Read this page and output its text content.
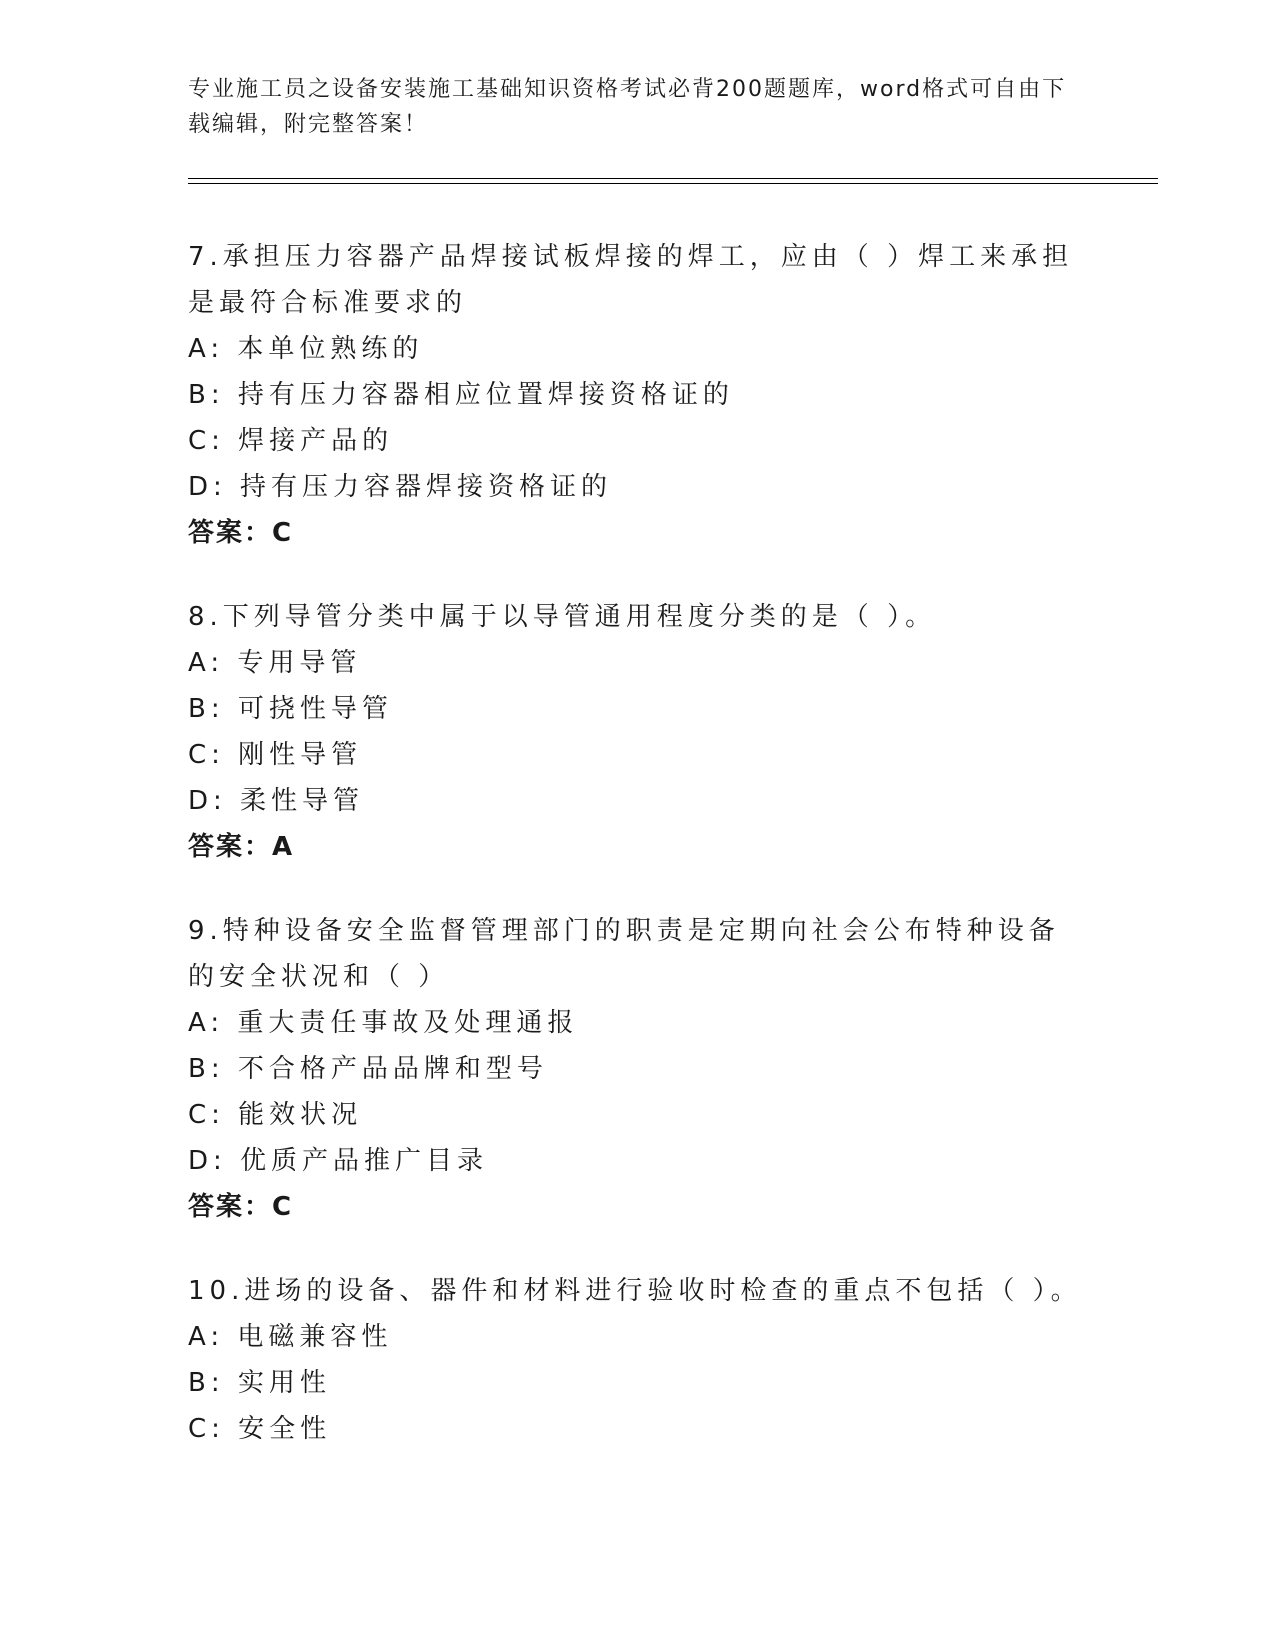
专业施工员之设备安装施工基础知识资格考试必背200题题库，word格式可自由下载编辑，附完整答案！
7.承担压力容器产品焊接试板焊接的焊工，应由（ ）焊工来承担是最符合标准要求的
A: 本单位熟练的
B: 持有压力容器相应位置焊接资格证的
C: 焊接产品的
D: 持有压力容器焊接资格证的
答案：C
8.下列导管分类中属于以导管通用程度分类的是（ ）。
A: 专用导管
B: 可挠性导管
C: 刚性导管
D: 柔性导管
答案：A
9.特种设备安全监督管理部门的职责是定期向社会公布特种设备的安全状况和（ ）
A: 重大责任事故及处理通报
B: 不合格产品品牌和型号
C: 能效状况
D: 优质产品推广目录
答案：C
10.进场的设备、器件和材料进行验收时检查的重点不包括（ ）。
A: 电磁兼容性
B: 实用性
C: 安全性
